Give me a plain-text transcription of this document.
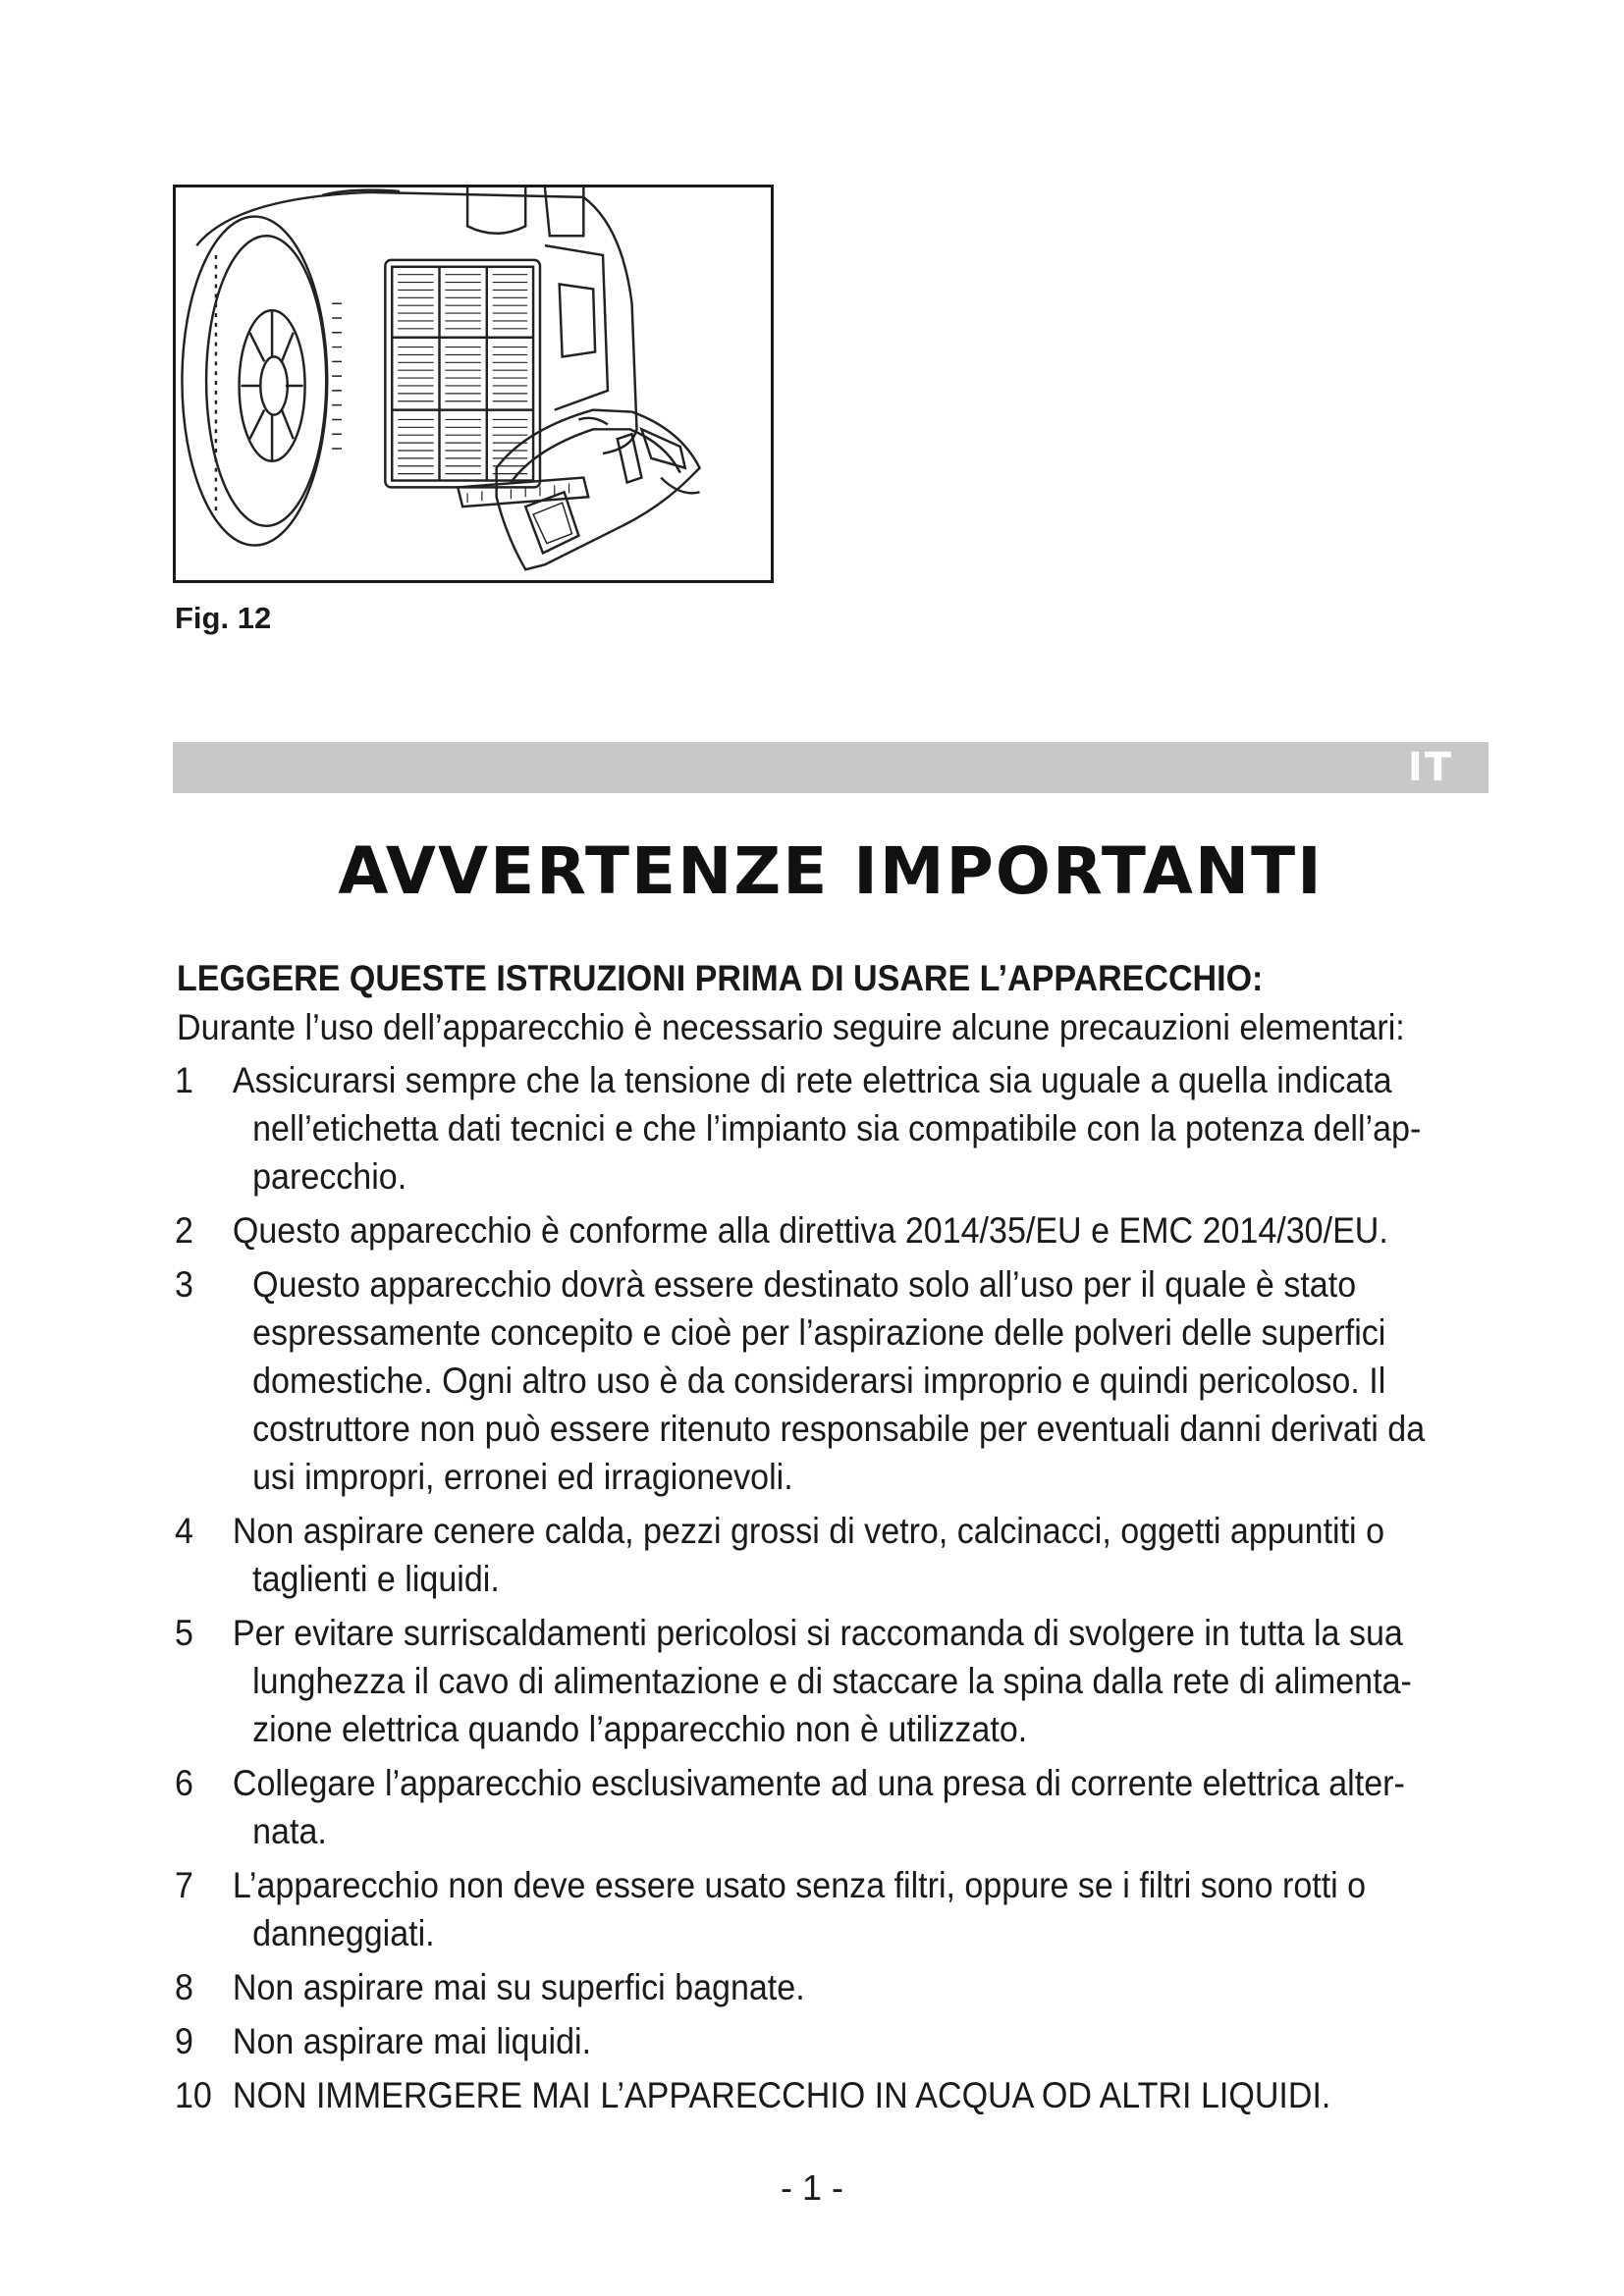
Fig. 12
IT
AVVERTENZE IMPORTANTI
LEGGERE QUESTE ISTRUZIONI PRIMA DI USARE L’APPARECCHIO:
Durante l’uso dell’apparecchio è necessario seguire alcune precauzioni elementari:
1	Assicurarsi sempre che la tensione di rete elettrica sia uguale a quella indicata
nell’etichetta dati tecnici e che l’impianto sia compatibile con la potenza dell’ap-
parecchio.
2	Questo apparecchio è conforme alla direttiva 2014/35/EU e EMC 2014/30/EU.
3	Questo apparecchio dovrà essere destinato solo all’uso per il quale è stato
espressamente concepito e cioè per l’aspirazione delle polveri delle superfici
domestiche. Ogni altro uso è da considerarsi improprio e quindi pericoloso. Il
costruttore non può essere ritenuto responsabile per eventuali danni derivati da
usi impropri, erronei ed irragionevoli.
4	Non aspirare cenere calda, pezzi grossi di vetro, calcinacci, oggetti appuntiti o
taglienti e liquidi.
5	Per evitare surriscaldamenti pericolosi si raccomanda di svolgere in tutta la sua
lunghezza il cavo di alimentazione e di staccare la spina dalla rete di alimenta-
zione elettrica quando l’apparecchio non è utilizzato.
6	Collegare l’apparecchio esclusivamente ad una presa di corrente elettrica alter-
nata.
7	L’apparecchio non deve essere usato senza filtri, oppure se i filtri sono rotti o
danneggiati.
8	Non aspirare mai su superfici bagnate.
9	Non aspirare mai liquidi.
10 NON IMMERGERE MAI L’APPARECCHIO IN ACQUA OD ALTRI LIQUIDI.
- 1 -
